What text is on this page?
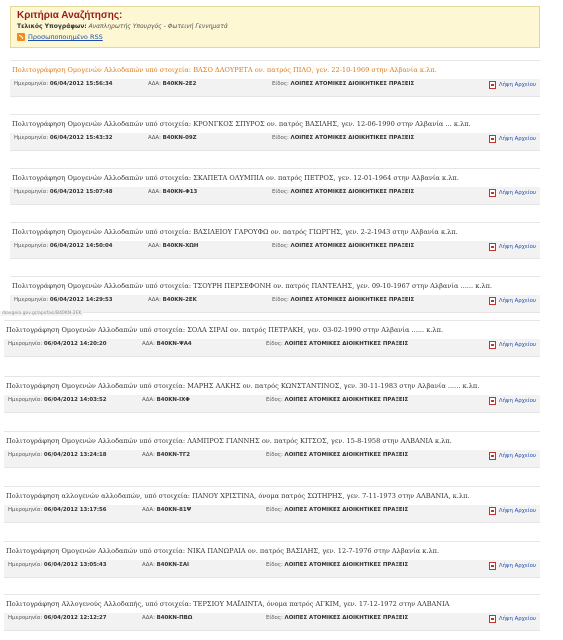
Κριτήρια Αναζήτησης:
Τελικός Υπογράφων: Αναπληρωτής Υπουργός - Φωτεινή Γεννηματά
Προσωποποιημένο RSS
Πολιτογράφηση Ομογενών Αλλοδαπών υπό στοιχεία: ΒΑΣΟ ΔΑΟΥΡΕΤΑ ον. πατρός ΠΙΛΟ, γεν. 22-10-1969 στην Αλβανία κ.λπ.
Ημερομηνία: 06/04/2012 15:56:34	ΑΔΑ: Β40ΚΝ-2Ε2	Είδος: ΛΟΙΠΕΣ ΑΤΟΜΙΚΕΣ ΔΙΟΙΚΗΤΙΚΕΣ ΠΡΑΞΕΙΣ	Λήψη Αρχείου
Πολιτογράφηση Ομογενών Αλλοδαπών υπό στοιχεία: ΚΡΟΝΓΚΟΣ ΣΠΥΡΟΣ ον. πατρός ΒΑΣΙΛΗΣ, γεν. 12-06-1990 στην Αλβανία ... κ.λπ.
Ημερομηνία: 06/04/2012 15:43:32	ΑΔΑ: Β40ΚΝ-09Ζ	Είδος: ΛΟΙΠΕΣ ΑΤΟΜΙΚΕΣ ΔΙΟΙΚΗΤΙΚΕΣ ΠΡΑΞΕΙΣ	Λήψη Αρχείου
Πολιτογράφηση Ομογενών Αλλοδαπών υπό στοιχεία: ΣΚΑΠΕΤΑ ΟΛΥΜΠΙΑ ον. πατρός ΠΕΤΡΟΣ, γεν. 12-01-1964 στην Αλβανία κ.λπ.
Ημερομηνία: 06/04/2012 15:07:48	ΑΔΑ: Β40ΚΝ-Φ13	Είδος: ΛΟΙΠΕΣ ΑΤΟΜΙΚΕΣ ΔΙΟΙΚΗΤΙΚΕΣ ΠΡΑΞΕΙΣ	Λήψη Αρχείου
Πολιτογράφηση Ομογενών Αλλοδαπών υπό στοιχεία: ΒΑΣΙΛΕΙΟΥ ΓΑΡΟΥΦΩ ον. πατρός ΓΙΩΡΓΗΣ, γεν. 2-2-1943 στην Αλβανία κ.λπ.
Ημερομηνία: 06/04/2012 14:50:04	ΑΔΑ: Β40ΚΝ-ΧΩΗ	Είδος: ΛΟΙΠΕΣ ΑΤΟΜΙΚΕΣ ΔΙΟΙΚΗΤΙΚΕΣ ΠΡΑΞΕΙΣ	Λήψη Αρχείου
Πολιτογράφηση Ομογενών Αλλοδαπών υπό στοιχεία: ΤΣΟΥΡΗ ΠΕΡΣΕΦΟΝΗ ον. πατρός ΠΑΝΤΕΛΗΣ, γεν. 09-10-1967 στην Αλβανία ...... κ.λπ.
Ημερομηνία: 06/04/2012 14:29:53	ΑΔΑ: Β40ΚΝ-2ΕΚ	Είδος: ΛΟΙΠΕΣ ΑΤΟΜΙΚΕΣ ΔΙΟΙΚΗΤΙΚΕΣ ΠΡΑΞΕΙΣ	Λήψη Αρχείου
Πολιτογράφηση Ομογενών Αλλοδαπών υπό στοιχεία: ΣΟΛΑ ΣΙΡΑΙ ον. πατρός ΠΕΤΡΑΚΗ, γεν. 03-02-1990 στην Αλβανία ...... κ.λπ.
Ημερομηνία: 06/04/2012 14:20:20	ΑΔΑ: Β40ΚΝ-ΨΑ4	Είδος: ΛΟΙΠΕΣ ΑΤΟΜΙΚΕΣ ΔΙΟΙΚΗΤΙΚΕΣ ΠΡΑΞΕΙΣ	Λήψη Αρχείου
Πολιτογράφηση Ομογενών Αλλοδαπών υπό στοιχεία: ΜΑΡΗΣ ΑΛΚΗΣ ον. πατρός ΚΩΝΣΤΑΝΤΙΝΟΣ, γεν. 30-11-1983 στην Αλβανία ...... κ.λπ.
Ημερομηνία: 06/04/2012 14:03:52	ΑΔΑ: Β40ΚΝ-ΙΧΦ	Είδος: ΛΟΙΠΕΣ ΑΤΟΜΙΚΕΣ ΔΙΟΙΚΗΤΙΚΕΣ ΠΡΑΞΕΙΣ	Λήψη Αρχείου
Πολιτογράφηση Ομογενών Αλλοδαπών υπό στοιχεία: ΛΑΜΠΡΟΣ ΓΙΑΝΝΗΣ ον. πατρός ΚΙΤΣΟΣ, γεν. 15-8-1958 στην ΑΛΒΑΝΙΑ κ.λπ.
Ημερομηνία: 06/04/2012 13:24:18	ΑΔΑ: Β40ΚΝ-ΤΓ2	Είδος: ΛΟΙΠΕΣ ΑΤΟΜΙΚΕΣ ΔΙΟΙΚΗΤΙΚΕΣ ΠΡΑΞΕΙΣ	Λήψη Αρχείου
Πολιτογράφηση αλλογενών αλλοδαπών, υπό στοιχεία: ΠΑΝΟΥ ΧΡΙΣΤΙΝΑ, όνομα πατρός ΣΩΤΗΡΗΣ, γεν. 7-11-1973 στην ΑΛΒΑΝΙΑ, κ.λπ.
Ημερομηνία: 06/04/2012 13:17:56	ΑΔΑ: Β40ΚΝ-81Ψ	Είδος: ΛΟΙΠΕΣ ΑΤΟΜΙΚΕΣ ΔΙΟΙΚΗΤΙΚΕΣ ΠΡΑΞΕΙΣ	Λήψη Αρχείου
Πολιτογράφηση Ομογενών Αλλοδαπών υπό στοιχεία: ΝΙΚΑ ΠΑΝΩΡΑΙΑ ον. πατρός ΒΑΣΙΛΗΣ, γεν. 12-7-1976 στην Αλβανία κ.λπ.
Ημερομηνία: 06/04/2012 13:05:43	ΑΔΑ: Β40ΚΝ-ΣΑΙ	Είδος: ΛΟΙΠΕΣ ΑΤΟΜΙΚΕΣ ΔΙΟΙΚΗΤΙΚΕΣ ΠΡΑΞΕΙΣ	Λήψη Αρχείου
Πολιτογράφηση Αλλογενούς Αλλοδαπής, υπό στοιχεία: ΤΕΡΣΙΟΥ ΜΑΪΛΙΝΤΑ, όνομα πατρός ΑΓΚΙΜ, γεν. 17-12-1972 στην ΑΛΒΑΝΙΑ
Ημερομηνία: 06/04/2012 12:12:27	ΑΔΑ: Β40ΚΝ-ΠΒΩ	Είδος: ΛΟΙΠΕΣ ΑΤΟΜΙΚΕΣ ΔΙΟΙΚΗΤΙΚΕΣ ΠΡΑΞΕΙΣ	Λήψη Αρχείου
diavgeia.gov.gr/apofasi/B40KN-2EK
